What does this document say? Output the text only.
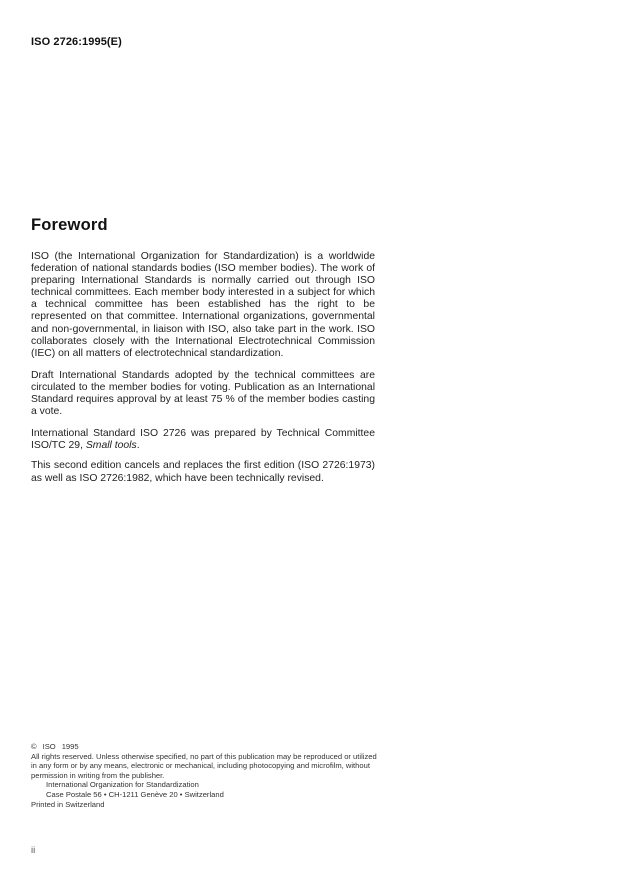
ISO 2726:1995(E)
Foreword

ISO (the International Organization for Standardization) is a worldwide federation of national standards bodies (ISO member bodies). The work of preparing International Standards is normally carried out through ISO technical committees. Each member body interested in a subject for which a technical committee has been established has the right to be represented on that committee. International organizations, governmental and non-governmental, in liaison with ISO, also take part in the work. ISO collaborates closely with the International Electrotechnical Commission (IEC) on all matters of electrotechnical standardization.

Draft International Standards adopted by the technical committees are circulated to the member bodies for voting. Publication as an International Standard requires approval by at least 75 % of the member bodies casting a vote.

International Standard ISO 2726 was prepared by Technical Committee ISO/TC 29, Small tools.

This second edition cancels and replaces the first edition (ISO 2726:1973) as well as ISO 2726:1982, which have been technically revised.

© ISO 1995
All rights reserved. Unless otherwise specified, no part of this publication may be reproduced or utilized in any form or by any means, electronic or mechanical, including photocopying and microfilm, without permission in writing from the publisher.
International Organization for Standardization
Case Postale 56 • CH-1211 Genève 20 • Switzerland
Printed in Switzerland
ii
